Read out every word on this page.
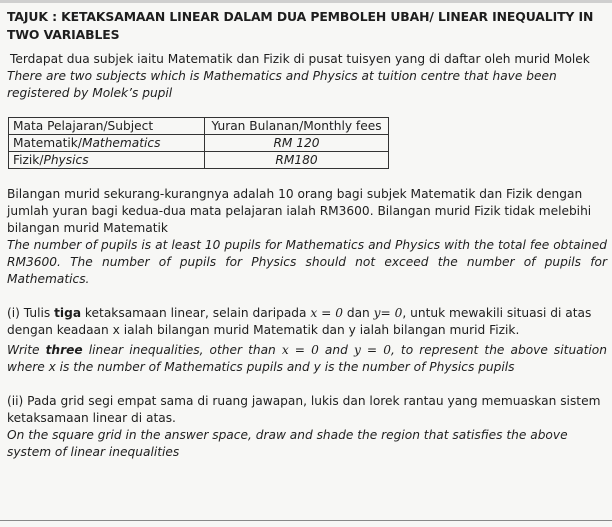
TAJUK : KETAKSAMAAN LINEAR DALAM DUA PEMBOLEH UBAH/ LINEAR INEQUALITY IN TWO VARIABLES

Terdapat dua subjek iaitu Matematik dan Fizik di pusat tuisyen yang di daftar oleh murid Molek

There are two subjects which is Mathematics and Physics at tuition centre that have been registered by Molek’s pupil

Mata Pelajaran/Subject	Yuran Bulanan/Monthly fees
Matematik/Mathematics	RM 120
Fizik/Physics	RM180

Bilangan murid sekurang-kurangnya adalah 10 orang bagi subjek Matematik dan Fizik dengan jumlah yuran bagi kedua-dua mata pelajaran ialah RM3600. Bilangan murid Fizik tidak melebihi bilangan murid Matematik

The number of pupils is at least 10 pupils for Mathematics and Physics with the total fee obtained RM3600. The number of pupils for Physics should not exceed the number of pupils for Mathematics.

(i) Tulis tiga ketaksamaan linear, selain daripada x = 0 dan y= 0, untuk mewakili situasi di atas dengan keadaan x ialah bilangan murid Matematik dan y ialah bilangan murid Fizik.

Write three linear inequalities, other than x = 0 and y = 0, to represent the above situation where x is the number of Mathematics pupils and y is the number of Physics pupils

(ii) Pada grid segi empat sama di ruang jawapan, lukis dan lorek rantau yang memuaskan sistem ketaksamaan linear di atas.

On the square grid in the answer space, draw and shade the region that satisfies the above system of linear inequalities
